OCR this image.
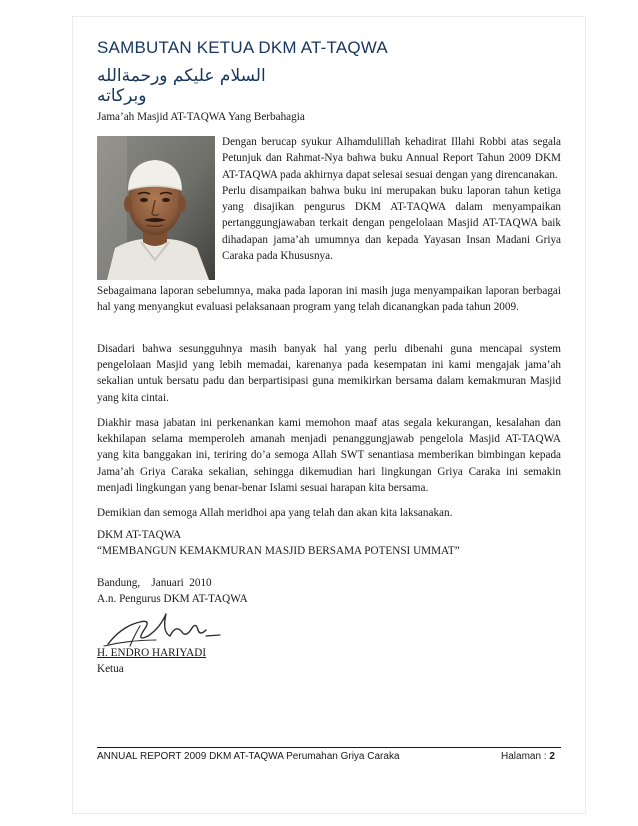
SAMBUTAN KETUA DKM AT-TAQWA
السلام عليكم ورحمةالله وبركاته
Jama’ah Masjid AT-TAQWA Yang Berbahagia

Dengan berucap syukur Alhamdulillah kehadirat Illahi Robbi atas segala Petunjuk dan Rahmat-Nya bahwa buku Annual Report Tahun 2009 DKM AT-TAQWA pada akhirnya dapat selesai sesuai dengan yang direncanakan.

Perlu disampaikan bahwa buku ini merupakan buku laporan tahun ketiga yang disajikan pengurus DKM AT-TAQWA dalam menyampaikan pertanggungjawaban terkait dengan pengelolaan Masjid AT-TAQWA baik dihadapan jama’ah umumnya dan kepada Yayasan Insan Madani Griya Caraka pada Khususnya.

Sebagaimana laporan sebelumnya, maka pada laporan ini masih juga menyampaikan laporan berbagai hal yang menyangkut evaluasi pelaksanaan program yang telah dicanangkan pada tahun 2009.
Disadari bahwa sesungguhnya masih banyak hal yang perlu dibenahi guna mencapai system pengelolaan Masjid yang lebih memadai, karenanya pada kesempatan ini kami mengajak jama’ah sekalian untuk bersatu padu dan berpartisipasi guna memikirkan bersama dalam kemakmuran Masjid yang kita cintai.
Diakhir masa jabatan ini perkenankan kami memohon maaf atas segala kekurangan, kesalahan dan kekhilapan selama memperoleh amanah menjadi penanggungjawab pengelola Masjid AT-TAQWA yang kita banggakan ini, teriring do’a semoga Allah SWT senantiasa memberikan bimbingan kepada Jama’ah Griya Caraka sekalian, sehingga dikemudian hari lingkungan Griya Caraka ini semakin menjadi lingkungan yang benar-benar Islami sesuai harapan kita bersama.
Demikian dan semoga Allah meridhoi apa yang telah dan akan kita laksanakan.
DKM AT-TAQWA
“MEMBANGUN KEMAKMURAN MASJID BERSAMA POTENSI UMMAT”
Bandung,    Januari  2010
A.n. Pengurus DKM AT-TAQWA
H. ENDRO HARIYADI
Ketua
ANNUAL REPORT 2009 DKM AT-TAQWA Perumahan Griya Caraka	Halaman : 2
